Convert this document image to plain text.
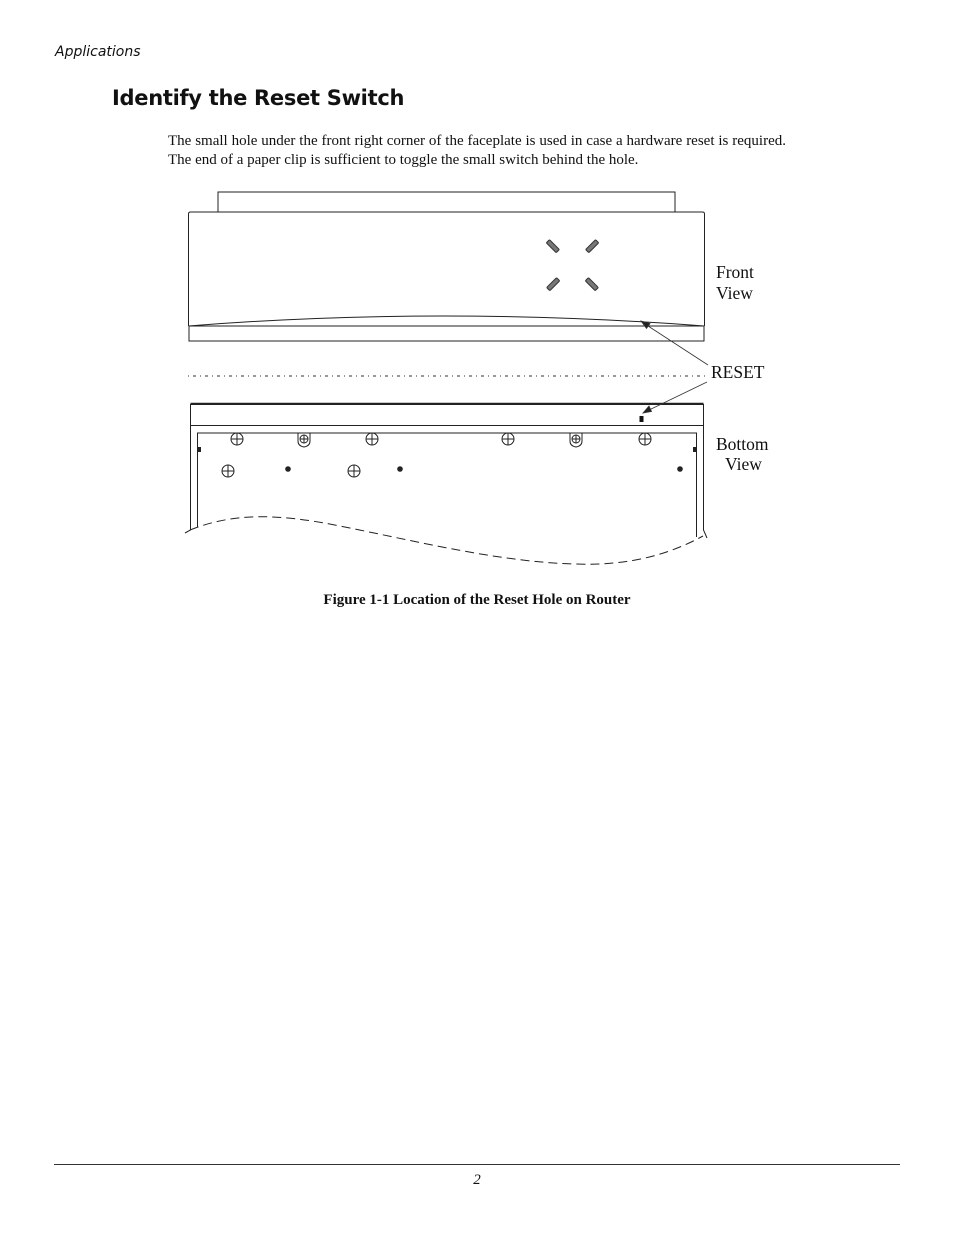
Applications
Identify the Reset Switch

The small hole under the front right corner of the faceplate is used in case a hardware reset is required. The end of a paper clip is sufficient to toggle the small switch behind the hole.

Front
View
RESET
Bottom
View
Figure 1-1 Location of the Reset Hole on Router
2
